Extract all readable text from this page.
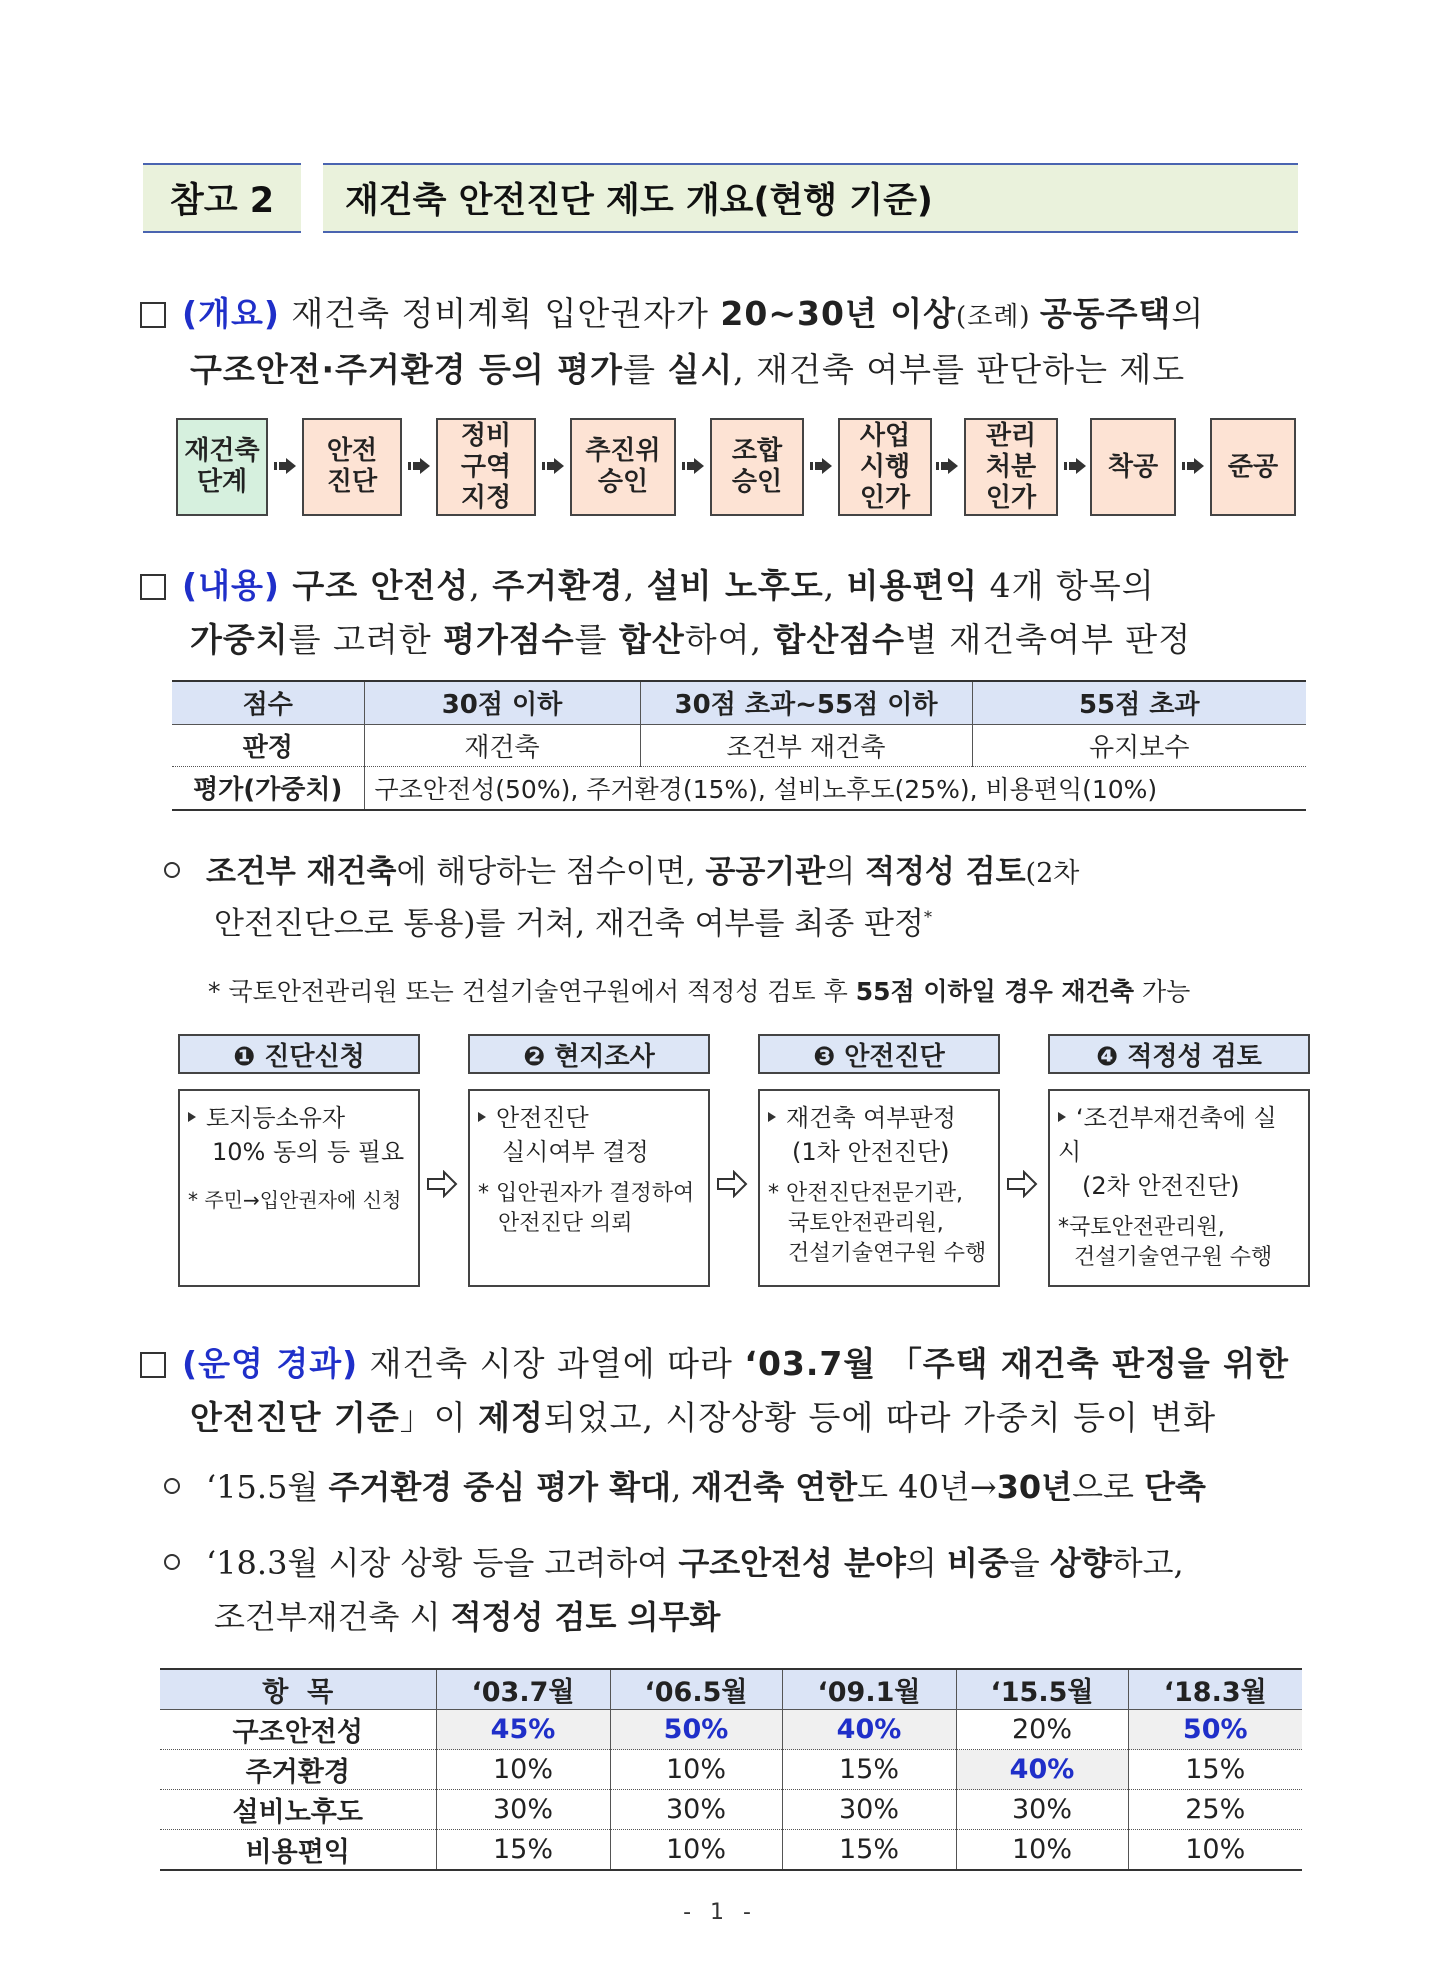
참고 2 재건축 안전진단 제도 개요(현행 기준)
(개요) 재건축 정비계획 입안권자가 20~30년 이상(조례) 공동주택의
구조안전·주거환경 등의 평가를 실시, 재건축 여부를 판단하는 제도
재건축
단계
안전
진단
정비
구역
지정
추진위
승인
조합
승인
사업
시행
인가
관리
처분
인가
착공	준공
(내용) 구조 안전성, 주거환경, 설비 노후도, 비용편익 4개 항목의
가중치를 고려한 평가점수를 합산하여, 합산점수별 재건축여부 판정
점수	30점 이하	30점 초과~55점 이하	55점 초과
판정	재건축	조건부 재건축	유지보수
평가(가중치)	구조안전성(50%), 주거환경(15%), 설비노후도(25%), 비용편익(10%)		
조건부 재건축에 해당하는 점수이면, 공공기관의 적정성 검토(2차
안전진단으로 통용)를 거쳐, 재건축 여부를 최종 판정*
* 국토안전관리원 또는 건설기술연구원에서 적정성 검토 후 55점 이하일 경우 재건축 가능
❶ 진단신청	❷ 현지조사	❸ 안전진단	❹ 적정성 검토
토지등소유자
10% 동의 등 필요
* 주민→입안권자에 신청
안전진단
실시여부 결정
* 입안권자가 결정하여
안전진단 의뢰
재건축 여부판정
(1차 안전진단)
* 안전진단전문기관,
국토안전관리원,
건설기술연구원 수행
‘조건부재건축에 실시
(2차 안전진단)
*국토안전관리원,
건설기술연구원 수행
(운영 경과) 재건축 시장 과열에 따라 ‘03.7월 「주택 재건축 판정을 위한
안전진단 기준」이 제정되었고, 시장상황 등에 따라 가중치 등이 변화
‘15.5월 주거환경 중심 평가 확대, 재건축 연한도 40년→30년으로 단축
‘18.3월 시장 상황 등을 고려하여 구조안전성 분야의 비중을 상향하고,
조건부재건축 시 적정성 검토 의무화
항  목	‘03.7월	‘06.5월	‘09.1월	‘15.5월	‘18.3월
구조안전성	45%	50%	40%	20%	50%
주거환경	10%	10%	15%	40%	15%
설비노후도	30%	30%	30%	30%	25%
비용편익	15%	10%	15%	10%	10%
- 1 -
